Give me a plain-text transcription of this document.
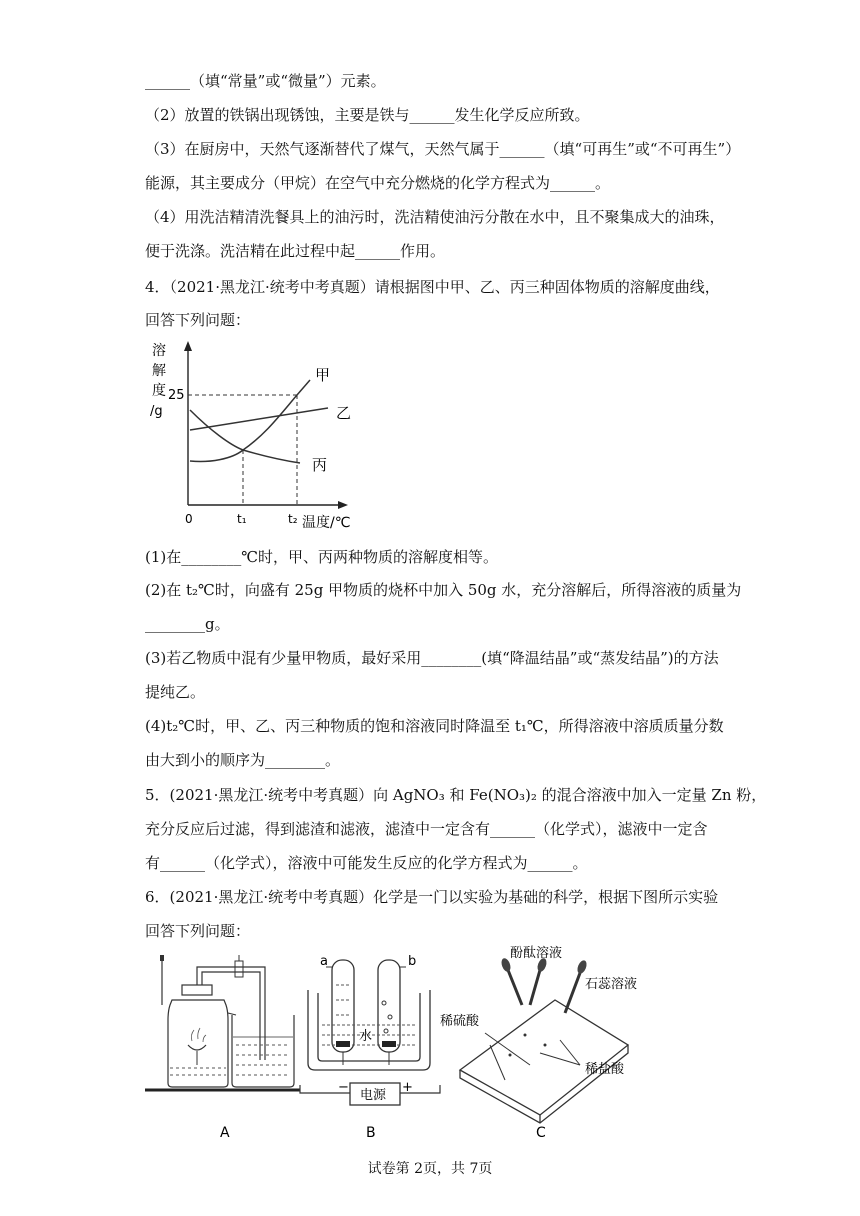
______（填“常量”或“微量”）元素。
（2）放置的铁锅出现锈蚀，主要是铁与______发生化学反应所致。
（3）在厨房中，天然气逐渐替代了煤气，天然气属于______（填“可再生”或“不可再生”）
能源，其主要成分（甲烷）在空气中充分燃烧的化学方程式为______。
（4）用洗洁精清洗餐具上的油污时，洗洁精使油污分散在水中，且不聚集成大的油珠，
便于洗涤。洗洁精在此过程中起______作用。
4．（2021·黑龙江·统考中考真题）请根据图中甲、乙、丙三种固体物质的溶解度曲线，
回答下列问题：
溶
解
度
/g
甲
乙
丙
25
0	t₁	t₂ 温度/℃
(1)在________℃时，甲、丙两种物质的溶解度相等。
(2)在 t₂℃时，向盛有 25g 甲物质的烧杯中加入 50g 水，充分溶解后，所得溶液的质量为
________g。
(3)若乙物质中混有少量甲物质，最好采用________(填“降温结晶”或“蒸发结晶”)的方法
提纯乙。
(4)t₂℃时，甲、乙、丙三种物质的饱和溶液同时降温至 t₁℃，所得溶液中溶质质量分数
由大到小的顺序为________。
5．(2021·黑龙江·统考中考真题）向 AgNO₃ 和 Fe(NO₃)₂ 的混合溶液中加入一定量 Zn 粉，
充分反应后过滤，得到滤渣和滤液，滤渣中一定含有______（化学式），滤液中一定含
有______（化学式），溶液中可能发生反应的化学方程式为______。
6．(2021·黑龙江·统考中考真题）化学是一门以实验为基础的科学，根据下图所示实验
回答下列问题：
A
a	b
水
−	+
电源
B
酚酞溶液
石蕊溶液
稀硫酸
稀盐酸
C
试卷第 2页，共 7页
